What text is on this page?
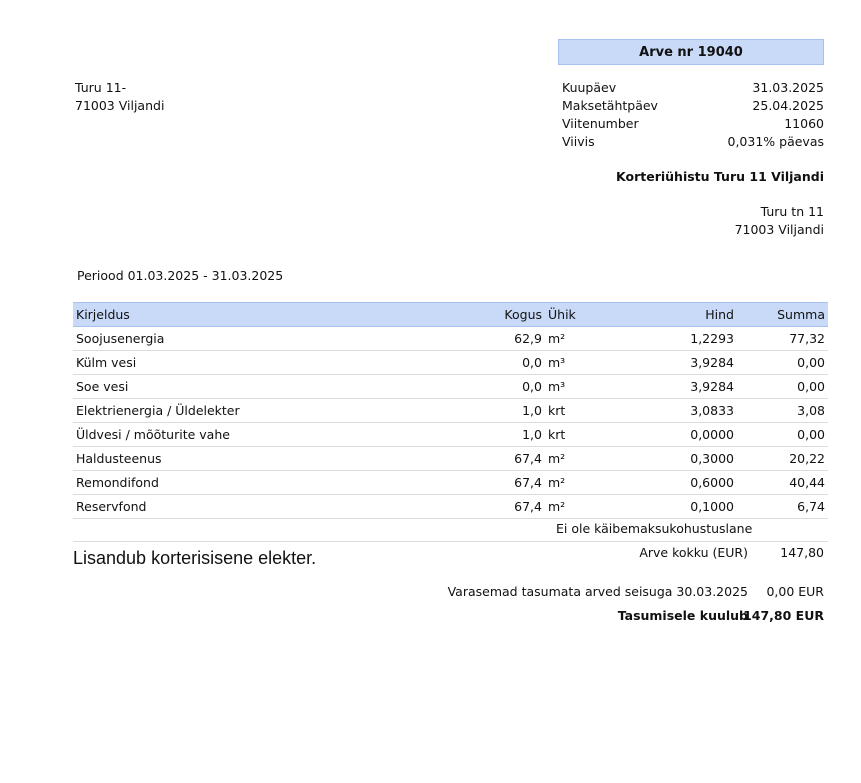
Arve nr 19040
Turu 11-
71003 Viljandi
Kuupäev	31.03.2025
Maksetähtpäev	25.04.2025
Viitenumber	11060
Viivis	0,031% päevas
Korteriühistu Turu 11 Viljandi
Turu tn 11
71003 Viljandi
Periood 01.03.2025 - 31.03.2025
Kirjeldus	Kogus	Ühik	Hind	Summa
Soojusenergia	62,9	m²	1,2293	77,32
Külm vesi	0,0	m³	3,9284	0,00
Soe vesi	0,0	m³	3,9284	0,00
Elektrienergia / Üldelekter	1,0	krt	3,0833	3,08
Üldvesi / mõõturite vahe	1,0	krt	0,0000	0,00
Haldusteenus	67,4	m²	0,3000	20,22
Remondifond	67,4	m²	0,6000	40,44
Reservfond	67,4	m²	0,1000	6,74
Ei ole käibemaksukohustuslane
Lisandub korterisisene elekter.	Arve kokku (EUR)	147,80
Varasemad tasumata arved seisuga 30.03.2025 0,00 EUR
Tasumisele kuulub
147,80 EUR
